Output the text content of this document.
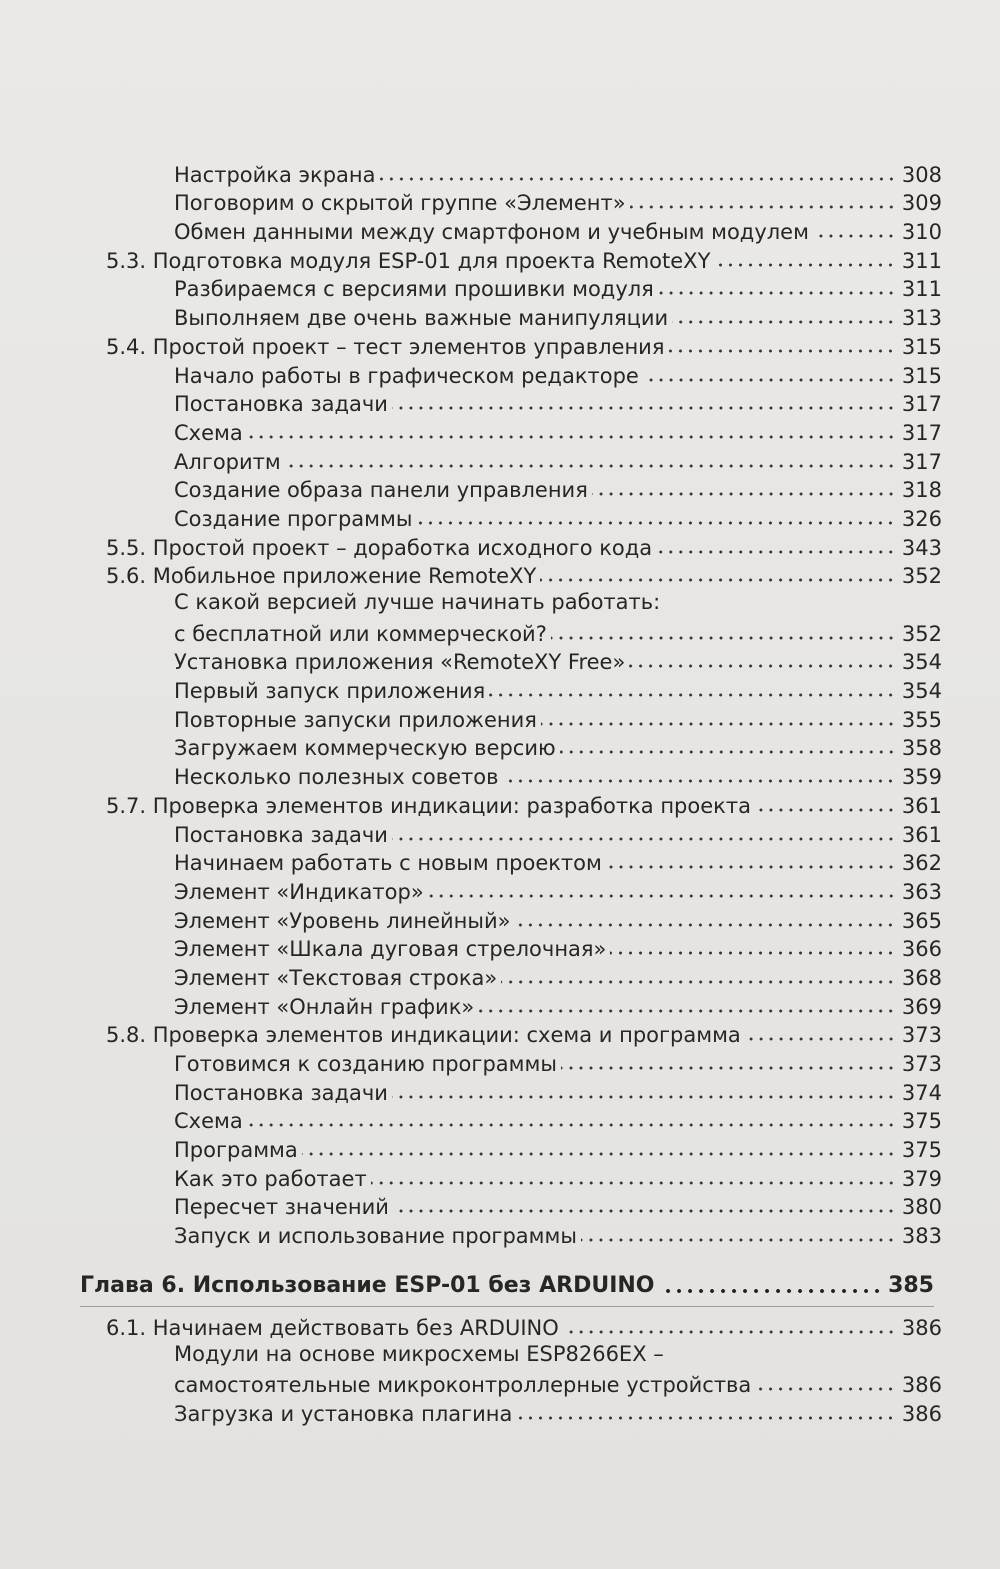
Настройка экрана	308
Поговорим о скрытой группе «Элемент»	309
Обмен данными между смартфоном и учебным модулем	310
5.3. Подготовка модуля ESP-01 для проекта RemoteXY	311
Разбираемся с версиями прошивки модуля	311
Выполняем две очень важные манипуляции	313
5.4. Простой проект – тест элементов управления	315
Начало работы в графическом редакторе	315
Постановка задачи	317
Схема	317
Алгоритм	317
Создание образа панели управления	318
Создание программы	326
5.5. Простой проект – доработка исходного кода	343
5.6. Мобильное приложение RemoteXY	352
С какой версией лучше начинать работать:
с бесплатной или коммерческой?	352
Установка приложения «RemoteXY Free»	354
Первый запуск приложения	354
Повторные запуски приложения	355
Загружаем коммерческую версию	358
Несколько полезных советов	359
5.7. Проверка элементов индикации: разработка проекта	361
Постановка задачи	361
Начинаем работать с новым проектом	362
Элемент «Индикатор»	363
Элемент «Уровень линейный»	365
Элемент «Шкала дуговая стрелочная»	366
Элемент «Текстовая строка»	368
Элемент «Онлайн график»	369
5.8. Проверка элементов индикации: схема и программа	373
Готовимся к созданию программы	373
Постановка задачи	374
Схема	375
Программа	375
Как это работает	379
Пересчет значений	380
Запуск и использование программы	383
Глава 6. Использование ESP-01 без ARDUINO	385
6.1. Начинаем действовать без ARDUINO	386
Модули на основе микросхемы ESP8266EX –
самостоятельные микроконтроллерные устройства	386
Загрузка и установка плагина	386
